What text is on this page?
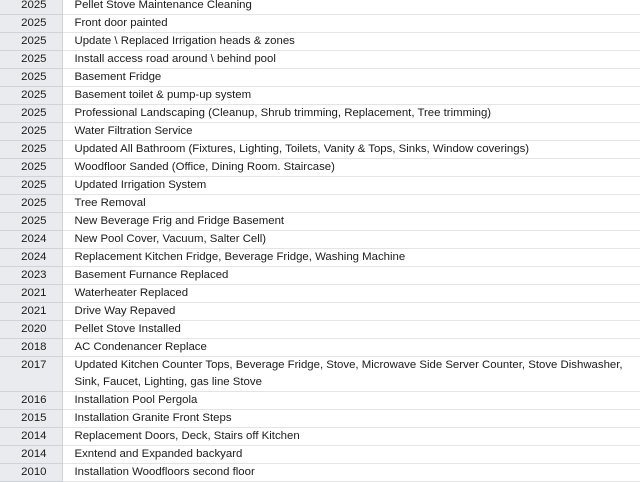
2025	Pellet Stove Maintenance Cleaning
2025	Front door painted
2025	Update \ Replaced Irrigation heads & zones
2025	Install access road around \ behind pool
2025	Basement Fridge
2025	Basement toilet & pump-up system
2025	Professional Landscaping (Cleanup, Shrub trimming, Replacement, Tree trimming)
2025	Water Filtration Service
2025	Updated All Bathroom (Fixtures, Lighting, Toilets, Vanity & Tops, Sinks, Window coverings)
2025	Woodfloor Sanded (Office, Dining Room. Staircase)
2025	Updated Irrigation System
2025	Tree Removal
2025	New Beverage Frig and Fridge Basement
2024	New Pool Cover, Vacuum, Salter Cell)
2024	Replacement Kitchen Fridge, Beverage Fridge, Washing Machine
2023	Basement Furnance Replaced
2021	Waterheater Replaced
2021	Drive Way Repaved
2020	Pellet Stove Installed
2018	AC Condenancer Replace
2017	Updated Kitchen Counter Tops, Beverage Fridge, Stove, Microwave Side Server Counter, Stove Dishwasher, Sink, Faucet, Lighting, gas line Stove
2016	Installation Pool Pergola
2015	Installation Granite Front Steps
2014	Replacement Doors, Deck, Stairs off Kitchen
2014	Exntend and Expanded backyard
2010	Installation Woodfloors second floor
